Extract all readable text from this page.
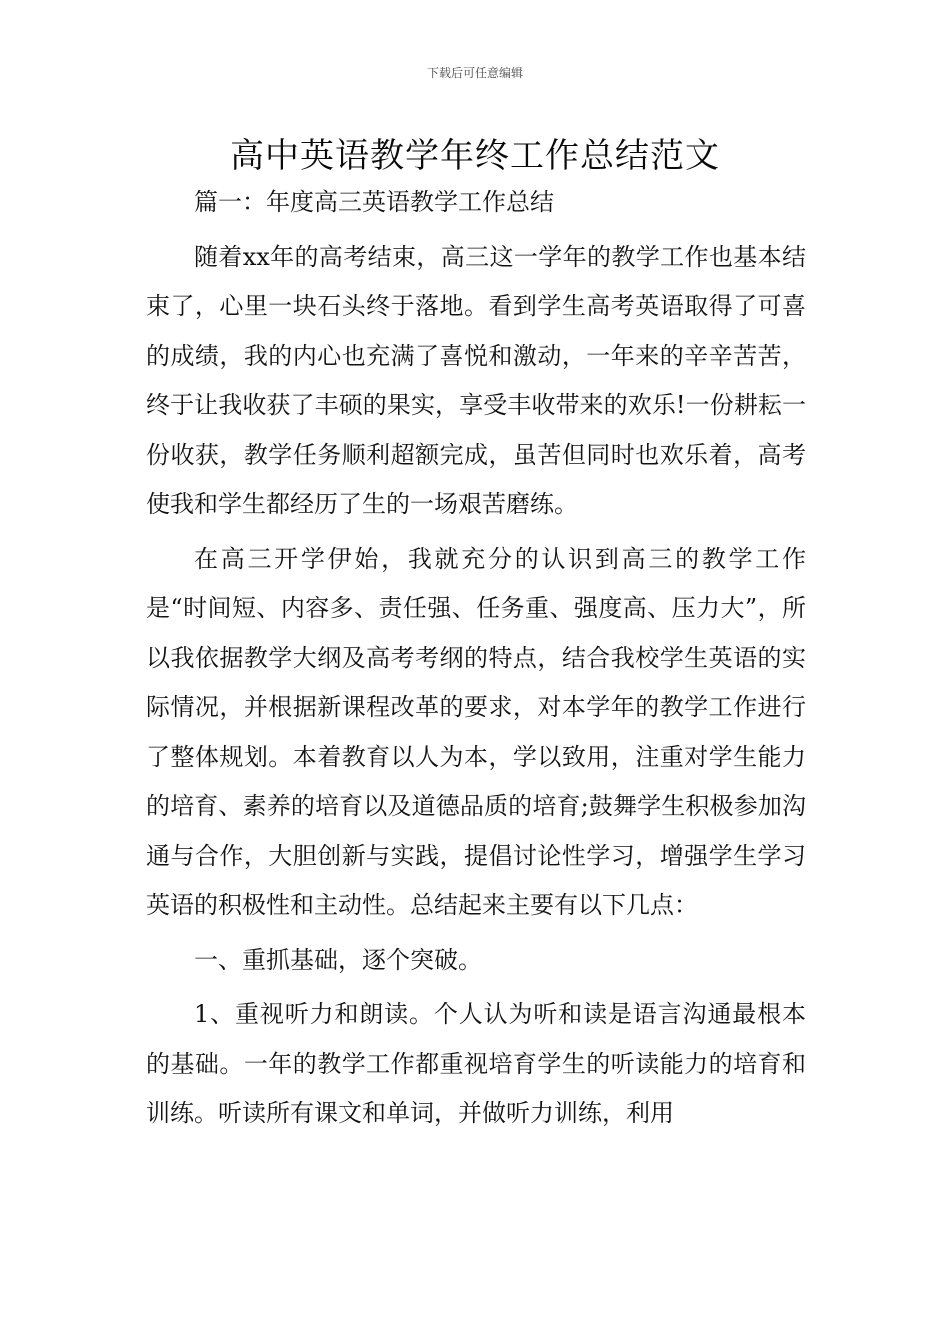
下载后可任意编辑
高中英语教学年终工作总结范文

篇一：年度高三英语教学工作总结

随着xx年的高考结束，高三这一学年的教学工作也基本结束了，心里一块石头终于落地。看到学生高考英语取得了可喜的成绩，我的内心也充满了喜悦和激动，一年来的辛辛苦苦，终于让我收获了丰硕的果实，享受丰收带来的欢乐!一份耕耘一份收获，教学任务顺利超额完成，虽苦但同时也欢乐着，高考使我和学生都经历了生的一场艰苦磨练。

在高三开学伊始，我就充分的认识到高三的教学工作是“时间短、内容多、责任强、任务重、强度高、压力大”，所以我依据教学大纲及高考考纲的特点，结合我校学生英语的实际情况，并根据新课程改革的要求，对本学年的教学工作进行了整体规划。本着教育以人为本，学以致用，注重对学生能力的培育、素养的培育以及道德品质的培育;鼓舞学生积极参加沟通与合作，大胆创新与实践，提倡讨论性学习，增强学生学习英语的积极性和主动性。总结起来主要有以下几点：

一、重抓基础，逐个突破。

1、重视听力和朗读。个人认为听和读是语言沟通最根本的基础。一年的教学工作都重视培育学生的听读能力的培育和训练。听读所有课文和单词，并做听力训练，利用
